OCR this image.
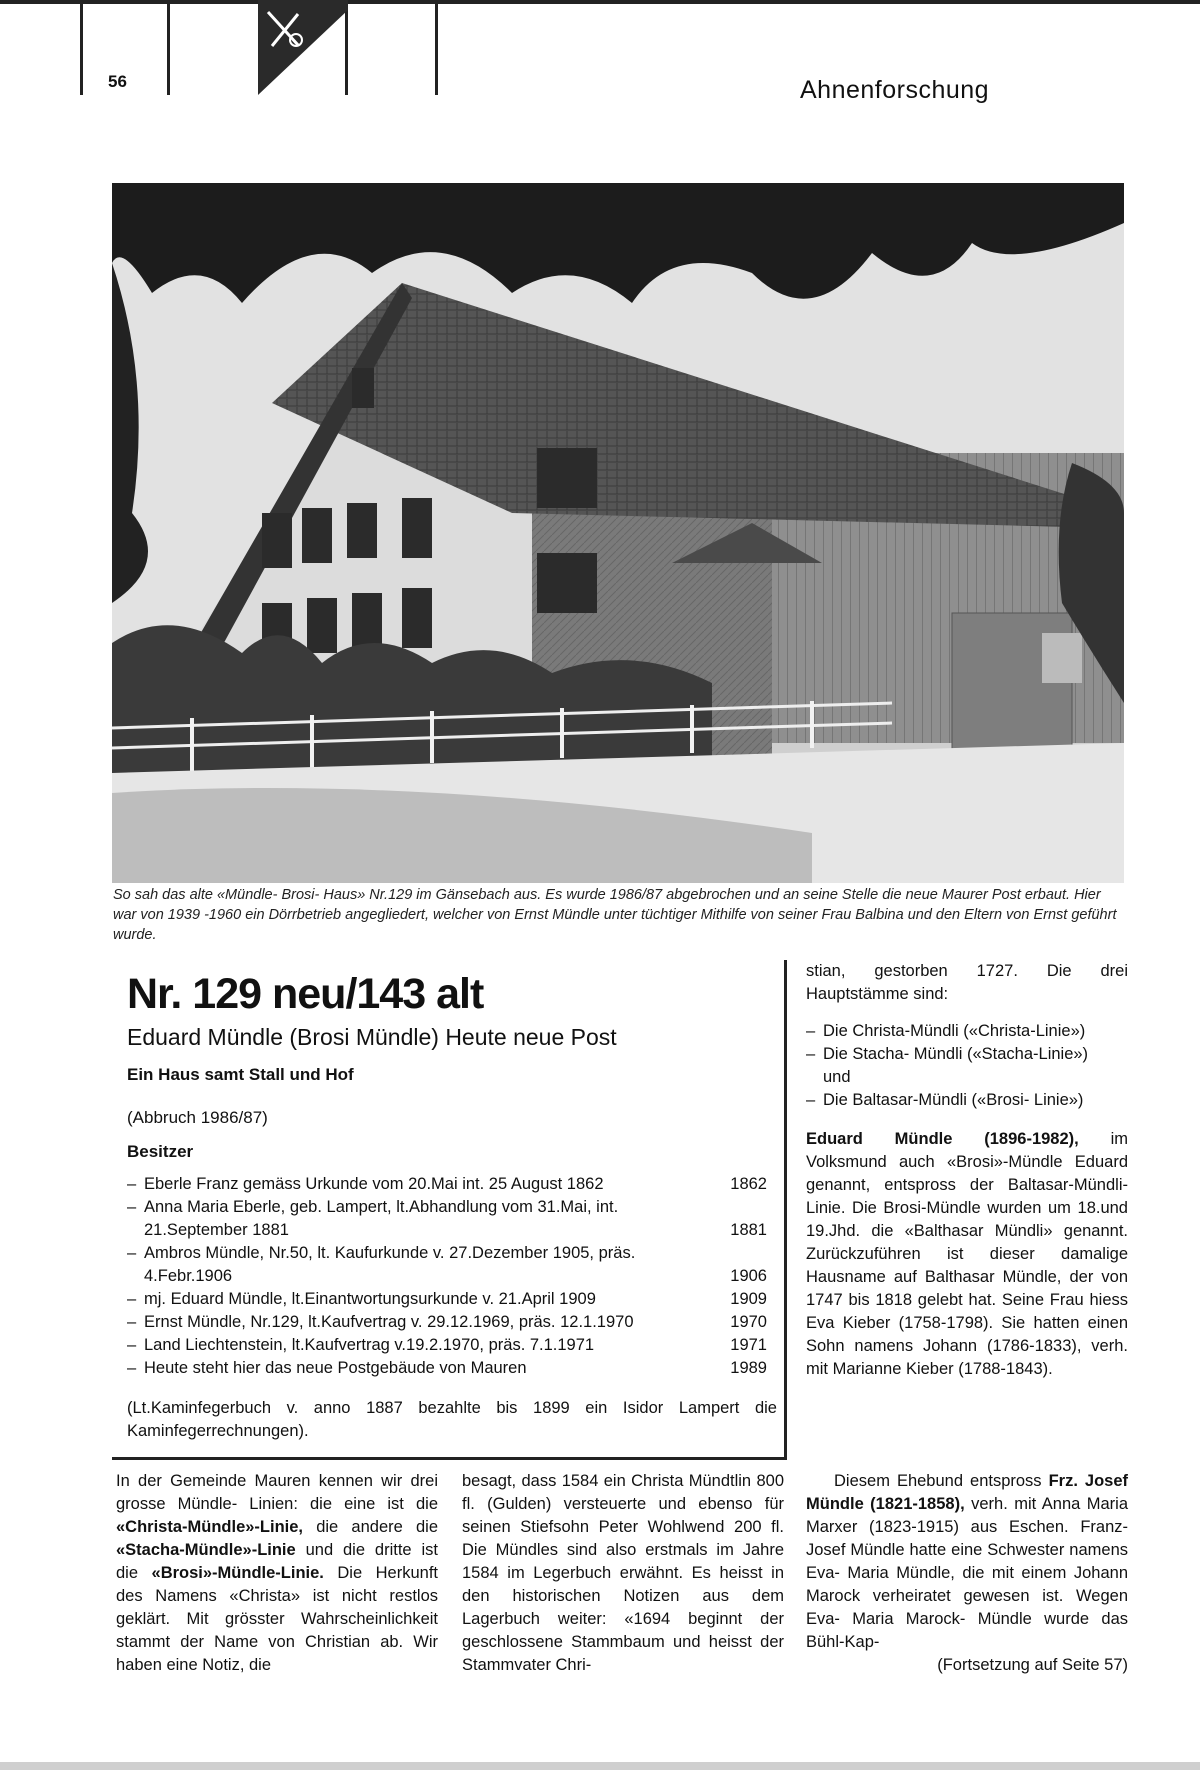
56	Ahnenforschung
So sah das alte «Mündle- Brosi- Haus» Nr.129 im Gänsebach aus. Es wurde 1986/87 abgebrochen und an seine Stelle die neue Maurer Post erbaut. Hier war von 1939 -1960 ein Dörrbetrieb angegliedert, welcher von Ernst Mündle unter tüchtiger Mithilfe von seiner Frau Balbina und den Eltern von Ernst geführt wurde.
Nr. 129 neu/143 alt
Eduard Mündle (Brosi Mündle) Heute neue Post
Ein Haus samt Stall und Hof
(Abbruch 1986/87)
Besitzer
– Eberle Franz gemäss Urkunde vom 20.Mai int. 25 August 1862	1862
– Anna Maria Eberle, geb. Lampert, lt.Abhandlung vom 31.Mai, int. 21.September 1881	1881
– Ambros Mündle, Nr.50, lt. Kaufurkunde v. 27.Dezember 1905, präs. 4.Febr.1906	1906
– mj. Eduard Mündle, lt.Einantwortungsurkunde v. 21.April 1909	1909
– Ernst Mündle, Nr.129, lt.Kaufvertrag v. 29.12.1969, präs. 12.1.1970	1970
– Land Liechtenstein, lt.Kaufvertrag v.19.2.1970, präs. 7.1.1971	1971
– Heute steht hier das neue Postgebäude von Mauren	1989
(Lt.Kaminfegerbuch v. anno 1887 bezahlte bis 1899 ein Isidor Lampert die Kaminfegerrechnungen).

stian, gestorben 1727. Die drei Hauptstämme sind:

– Die Christa-Mündli («Christa-Linie»)
– Die Stacha- Mündli («Stacha-Linie»)
und
– Die Baltasar-Mündli («Brosi- Linie»)

Eduard Mündle (1896-1982), im Volksmund auch «Brosi»-Mündle Eduard genannt, entspross der Baltasar-Mündli-Linie. Die Brosi-Mündle wurden um 18.und 19.Jhd. die «Balthasar Mündli» genannt. Zurückzuführen ist dieser damalige Hausname auf Balthasar Mündle, der von 1747 bis 1818 gelebt hat. Seine Frau hiess Eva Kieber (1758-1798). Sie hatten einen Sohn namens Johann (1786-1833), verh. mit Marianne Kieber (1788-1843).

In der Gemeinde Mauren kennen wir drei grosse Mündle- Linien: die eine ist die «Christa-Mündle»-Linie, die andere die «Stacha-Mündle»-Linie und die dritte ist die «Brosi»-Mündle-Linie. Die Herkunft des Namens «Christa» ist nicht restlos geklärt. Mit grösster Wahrscheinlichkeit stammt der Name von Christian ab. Wir haben eine Notiz, die

besagt, dass 1584 ein Christa Mündtlin 800 fl. (Gulden) versteuerte und ebenso für seinen Stiefsohn Peter Wohlwend 200 fl. Die Mündles sind also erstmals im Jahre 1584 im Legerbuch erwähnt. Es heisst in den historischen Notizen aus dem Lagerbuch weiter: «1694 beginnt der geschlossene Stammbaum und heisst der Stammvater Chri-

Diesem Ehebund entspross Frz. Josef Mündle (1821-1858), verh. mit Anna Maria Marxer (1823-1915) aus Eschen. Franz-Josef Mündle hatte eine Schwester namens Eva- Maria Mündle, die mit einem Johann Marock verheiratet gewesen ist. Wegen Eva- Maria Marock- Mündle wurde das Bühl-Kap-

(Fortsetzung auf Seite 57)
